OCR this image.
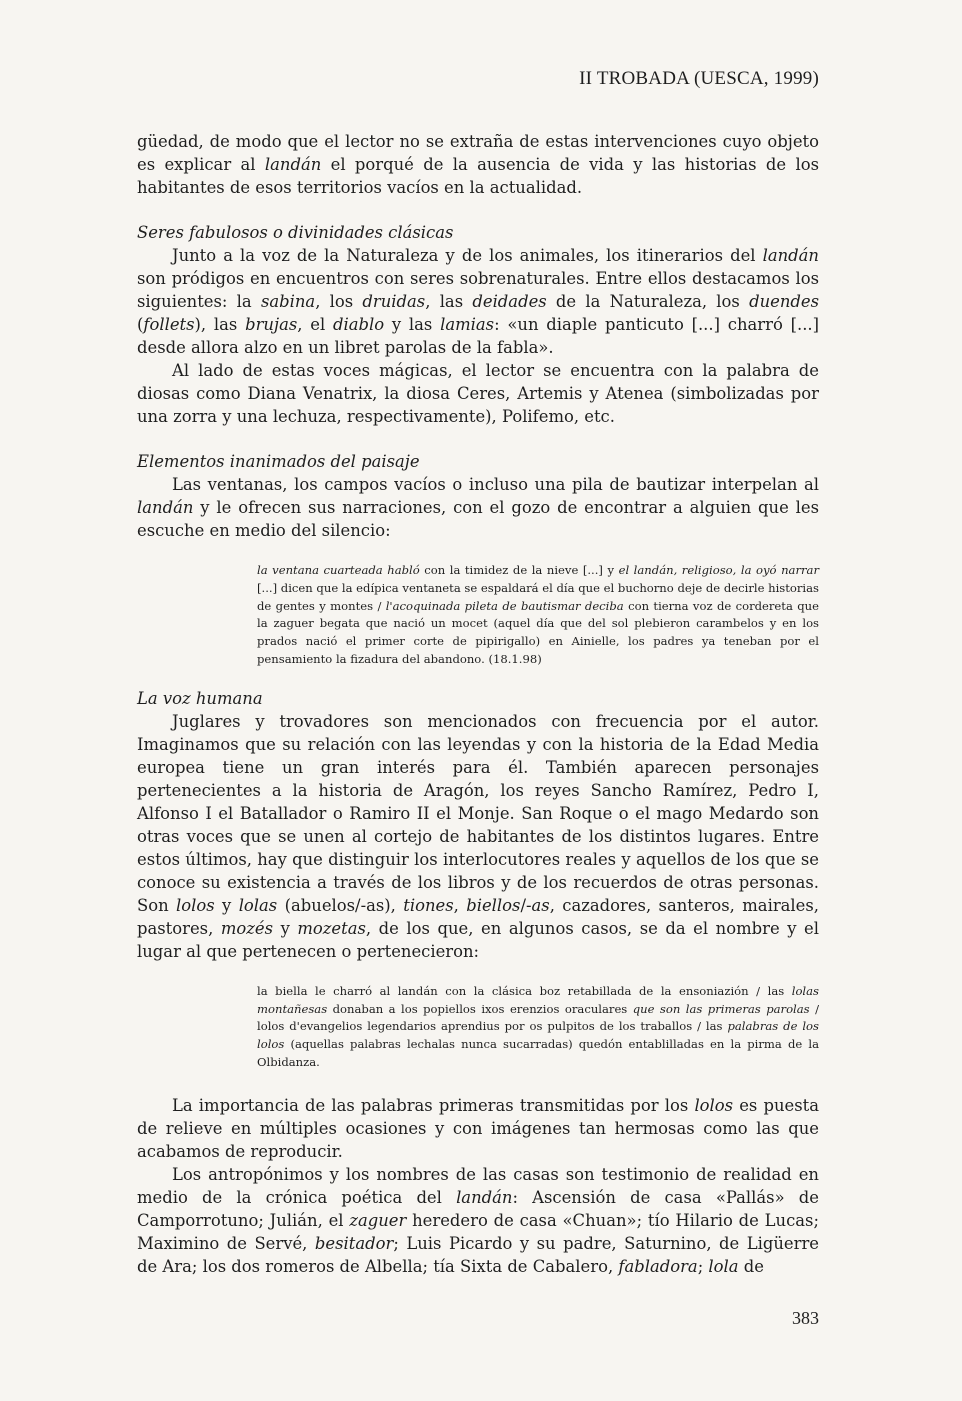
II TROBADA (UESCA, 1999)

güedad, de modo que el lector no se extraña de estas intervenciones cuyo objeto es explicar al landán el porqué de la ausencia de vida y las historias de los habitantes de esos territorios vacíos en la actualidad.

Seres fabulosos o divinidades clásicas

Junto a la voz de la Naturaleza y de los animales, los itinerarios del landán son pródigos en encuentros con seres sobrenaturales. Entre ellos destacamos los siguientes: la sabina, los druidas, las deidades de la Naturaleza, los duendes (follets), las brujas, el diablo y las lamias: «un diaple panticuto [...] charró [...] desde allora alzo en un libret parolas de la fabla».

Al lado de estas voces mágicas, el lector se encuentra con la palabra de diosas como Diana Venatrix, la diosa Ceres, Artemis y Atenea (simbolizadas por una zorra y una lechuza, respectivamente), Polifemo, etc.

Elementos inanimados del paisaje

Las ventanas, los campos vacíos o incluso una pila de bautizar interpelan al landán y le ofrecen sus narraciones, con el gozo de encontrar a alguien que les escuche en medio del silencio:

la ventana cuarteada habló con la timidez de la nieve [...] y el landán, religioso, la oyó narrar [...] dicen que la edípica ventaneta se espaldará el día que el buchorno deje de decirle historias de gentes y montes / l'acoquinada pileta de bautismar deciba con tierna voz de cordereta que la zaguer begata que nació un mocet (aquel día que del sol plebieron carambelos y en los prados nació el primer corte de pipirigallo) en Ainielle, los padres ya teneban por el pensamiento la fizadura del abandono. (18.1.98)

La voz humana

Juglares y trovadores son mencionados con frecuencia por el autor. Imaginamos que su relación con las leyendas y con la historia de la Edad Media europea tiene un gran interés para él. También aparecen personajes pertenecientes a la historia de Aragón, los reyes Sancho Ramírez, Pedro I, Alfonso I el Batallador o Ramiro II el Monje. San Roque o el mago Medardo son otras voces que se unen al cortejo de habitantes de los distintos lugares. Entre estos últimos, hay que distinguir los interlocutores reales y aquellos de los que se conoce su existencia a través de los libros y de los recuerdos de otras personas. Son lolos y lolas (abuelos/-as), tiones, biellos/-as, cazadores, santeros, mairales, pastores, mozés y mozetas, de los que, en algunos casos, se da el nombre y el lugar al que pertenecen o pertenecieron:

la biella le charró al landán con la clásica boz retabillada de la ensoniazión / las lolas montañesas donaban a los popiellos ixos erenzios oraculares que son las primeras parolas / lolos d'evangelios legendarios aprendius por os pulpitos de los traballos / las palabras de los lolos (aquellas palabras lechalas nunca sucarradas) quedón entablilladas en la pirma de la Olbidanza.

La importancia de las palabras primeras transmitidas por los lolos es puesta de relieve en múltiples ocasiones y con imágenes tan hermosas como las que acabamos de reproducir.

Los antropónimos y los nombres de las casas son testimonio de realidad en medio de la crónica poética del landán: Ascensión de casa «Pallás» de Camporrotuno; Julián, el zaguer heredero de casa «Chuan»; tío Hilario de Lucas; Maximino de Servé, besitador; Luis Picardo y su padre, Saturnino, de Ligüerre de Ara; los dos romeros de Albella; tía Sixta de Cabalero, fabladora; lola de

383
